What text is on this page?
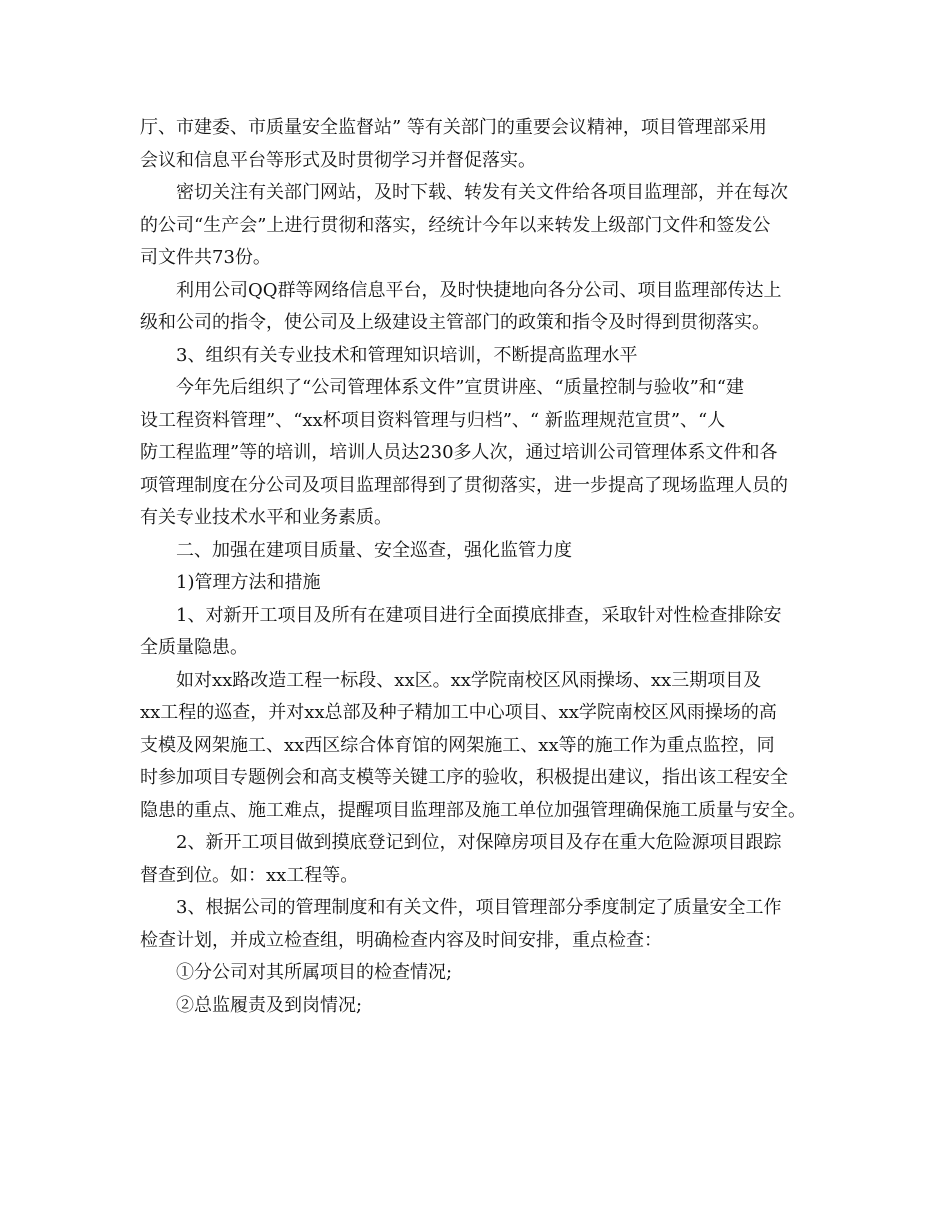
厅、市建委、市质量安全监督站” 等有关部门的重要会议精神，项目管理部采用
会议和信息平台等形式及时贯彻学习并督促落实。
密切关注有关部门网站，及时下载、转发有关文件给各项目监理部，并在每次
的公司“生产会”上进行贯彻和落实，经统计今年以来转发上级部门文件和签发公
司文件共73份。
利用公司QQ群等网络信息平台，及时快捷地向各分公司、项目监理部传达上
级和公司的指令，使公司及上级建设主管部门的政策和指令及时得到贯彻落实。
3、组织有关专业技术和管理知识培训，不断提高监理水平
今年先后组织了“公司管理体系文件”宣贯讲座、“质量控制与验收”和“建
设工程资料管理”、“xx杯项目资料管理与归档”、“ 新监理规范宣贯”、“人
防工程监理”等的培训，培训人员达230多人次，通过培训公司管理体系文件和各
项管理制度在分公司及项目监理部得到了贯彻落实，进一步提高了现场监理人员的
有关专业技术水平和业务素质。
二、加强在建项目质量、安全巡查，强化监管力度
1)管理方法和措施
1、对新开工项目及所有在建项目进行全面摸底排查，采取针对性检查排除安
全质量隐患。
如对xx路改造工程一标段、xx区。xx学院南校区风雨操场、xx三期项目及
xx工程的巡查，并对xx总部及种子精加工中心项目、xx学院南校区风雨操场的高
支模及网架施工、xx西区综合体育馆的网架施工、xx等的施工作为重点监控，同
时参加项目专题例会和高支模等关键工序的验收，积极提出建议，指出该工程安全
隐患的重点、施工难点，提醒项目监理部及施工单位加强管理确保施工质量与安全。
2、新开工项目做到摸底登记到位，对保障房项目及存在重大危险源项目跟踪
督查到位。如：xx工程等。
3、根据公司的管理制度和有关文件，项目管理部分季度制定了质量安全工作
检查计划，并成立检查组，明确检查内容及时间安排，重点检查：
①分公司对其所属项目的检查情况;
②总监履责及到岗情况;
